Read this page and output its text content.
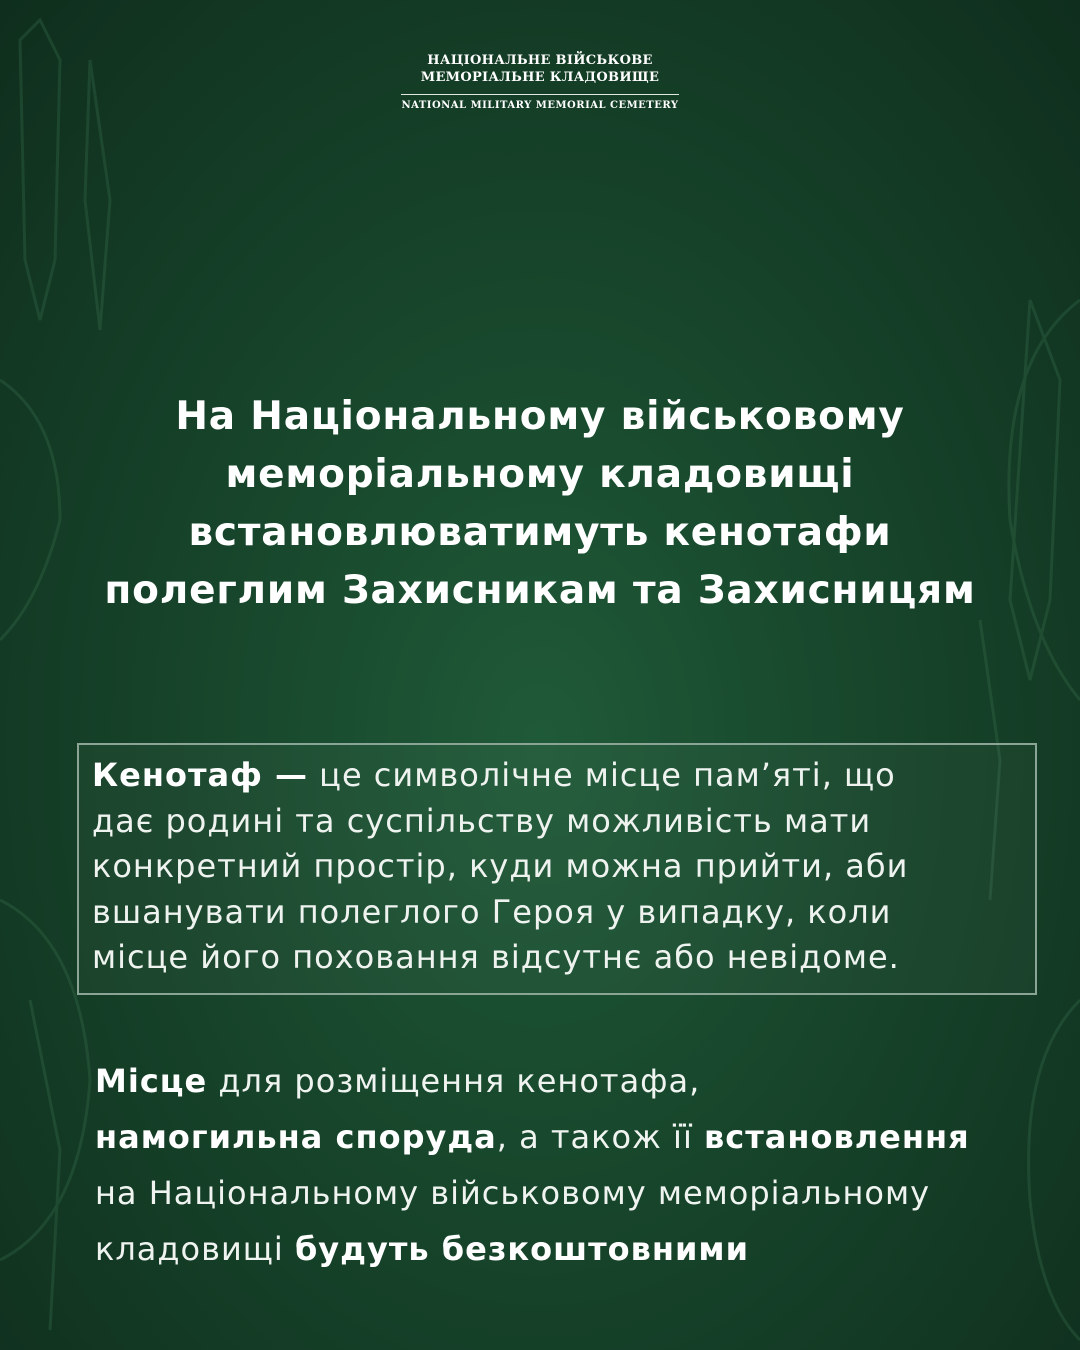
НАЦІОНАЛЬНЕ ВІЙСЬКОВЕ
МЕМОРІАЛЬНЕ КЛАДОВИЩЕ
NATIONAL MILITARY MEMORIAL CEMETERY
На Національному військовому
меморіальному кладовищі
встановлюватимуть кенотафи
полеглим Захисникам та Захисницям
Кенотаф — це символічне місце пам’яті, що
дає родині та суспільству можливість мати
конкретний простір, куди можна прийти, аби
вшанувати полеглого Героя у випадку, коли
місце його поховання відсутнє або невідоме.
Місце для розміщення кенотафа,
намогильна споруда, а також її встановлення
на Національному військовому меморіальному
кладовищі будуть безкоштовними
